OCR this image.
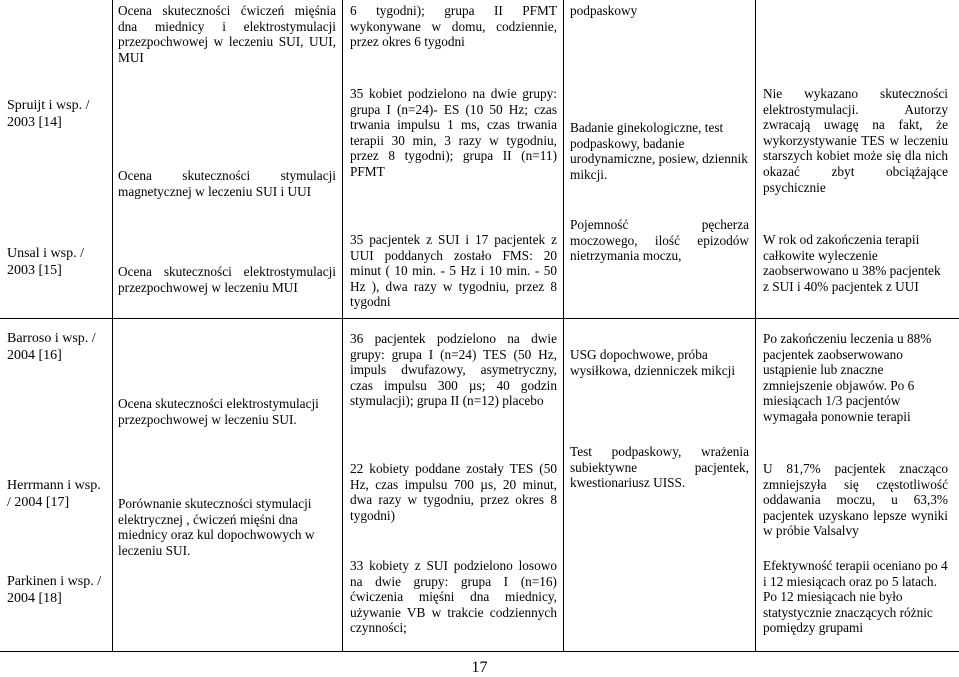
Spruijt i wsp. / 2003 [14]
Unsal i wsp. / 2003 [15]
Ocena skuteczności ćwiczeń mięśnia dna miednicy i elektrostymulacji przezpochwowej w leczeniu SUI, UUI, MUI
Ocena skuteczności stymulacji magnetycznej w leczeniu SUI i UUI
Ocena skuteczności elektrostymulacji przezpochwowej w leczeniu MUI
6 tygodni); grupa II PFMT wykonywane w domu, codziennie, przez okres 6 tygodni
35 kobiet podzielono na dwie grupy: grupa I (n=24)- ES (10 50 Hz; czas trwania impulsu 1 ms, czas trwania terapii 30 min, 3 razy w tygodniu, przez 8 tygodni); grupa II (n=11) PFMT
35 pacjentek z SUI i 17 pacjentek z UUI poddanych zostało FMS: 20 minut ( 10 min. - 5 Hz i 10 min. - 50 Hz ), dwa razy w tygodniu, przez 8 tygodni
podpaskowy
Badanie ginekologiczne, test podpaskowy, badanie urodynamiczne, posiew, dziennik mikcji.
Pojemność pęcherza moczowego, ilość epizodów nietrzymania moczu,
Nie wykazano skuteczności elektrostymulacji. Autorzy zwracają uwagę na fakt, że wykorzystywanie TES w leczeniu starszych kobiet może się dla nich okazać zbyt obciążające psychicznie
W rok od zakończenia terapii całkowite wyleczenie zaobserwowano u 38% pacjentek z SUI i 40% pacjentek z UUI
Barroso i wsp. / 2004 [16]
Herrmann i wsp. / 2004 [17]
Parkinen i wsp. / 2004 [18]
Ocena skuteczności elektrostymulacji przezpochwowej w leczeniu SUI.
Porównanie skuteczności stymulacji elektrycznej , ćwiczeń mięśni dna miednicy oraz kul dopochwowych w leczeniu SUI.
36 pacjentek podzielono na dwie grupy: grupa I (n=24) TES (50 Hz, impuls dwufazowy, asymetryczny, czas impulsu 300 µs; 40 godzin stymulacji); grupa II (n=12) placebo
22 kobiety poddane zostały TES (50 Hz, czas impulsu 700 µs, 20 minut, dwa razy w tygodniu, przez okres 8 tygodni)
33 kobiety z SUI podzielono losowo na dwie grupy: grupa I (n=16) ćwiczenia mięśni dna miednicy, używanie VB w trakcie codziennych czynności;
USG dopochwowe, próba wysiłkowa, dzienniczek mikcji
Test podpaskowy, wrażenia subiektywne pacjentek, kwestionariusz UISS.
Po zakończeniu leczenia u 88% pacjentek zaobserwowano ustąpienie lub znaczne zmniejszenie objawów. Po 6 miesiącach 1/3 pacjentów wymagała ponownie terapii
U 81,7% pacjentek znacząco zmniejszyła się częstotliwość oddawania moczu, u 63,3% pacjentek uzyskano lepsze wyniki w próbie Valsalvy
Efektywność terapii oceniano po 4 i 12 miesiącach oraz po 5 latach. Po 12 miesiącach nie było statystycznie znaczących różnic pomiędzy grupami
17
